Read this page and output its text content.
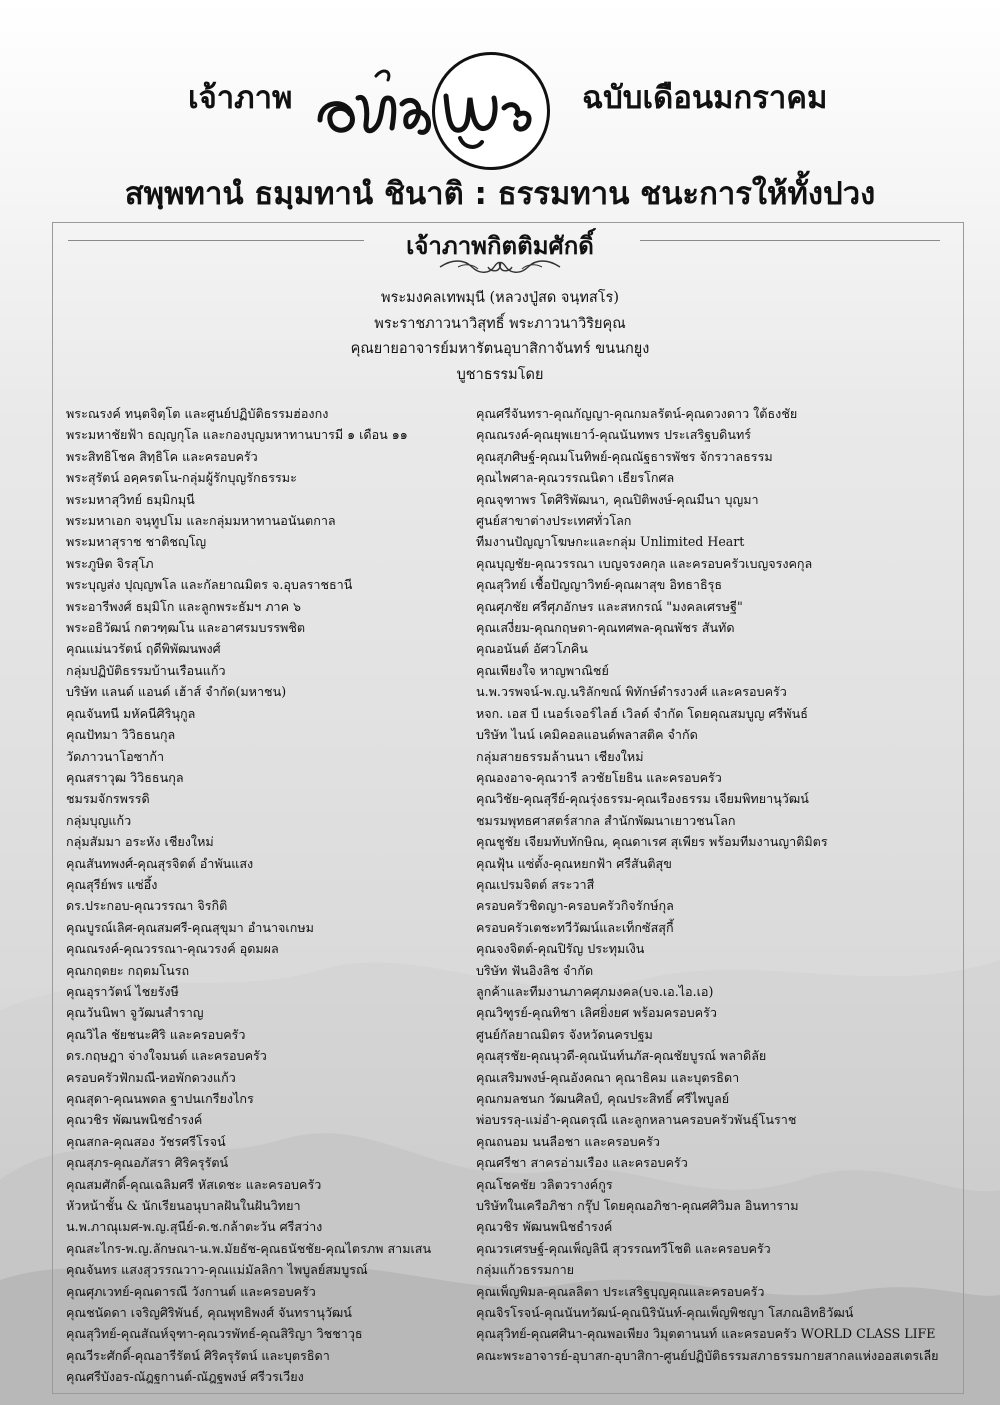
เจ้าภาพ	ฉบับเดือนมกราคม
สพฺพทานํ ธมฺมทานํ ชินาติ : ธรรมทาน ชนะการให้ทั้งปวง
เจ้าภาพกิตติมศักดิ์
พระมงคลเทพมุนี (หลวงปู่สด จนฺทสโร)
พระราชภาวนาวิสุทธิ์ พระภาวนาวิริยคุณ
คุณยายอาจารย์มหารัตนอุบาสิกาจันทร์ ขนนกยูง
บูชาธรรมโดย
พระณรงค์ ทนฺตจิตฺโต และศูนย์ปฏิบัติธรรมฮ่องกง
พระมหาชัยฟ้า ธญฺญกุโล และกองบุญมหาทานบารมี ๑ เดือน ๑๑
พระสิทธิโชค สิทฺธิโค และครอบครัว
พระสุรัตน์ อคฺครตโน-กลุ่มผู้รักบุญรักธรรมะ
พระมหาสุวิทย์ ธมฺมิกมุนี
พระมหาเอก จนฺทูปโม และกลุ่มมหาทานอนันตกาล
พระมหาสุราช ชาติชญฺโญ
พระภูษิต จิรสุโภ
พระบุญส่ง ปุญฺญพโล และกัลยาณมิตร จ.อุบลราชธานี
พระอารีพงศ์ ธมฺมิโก และลูกพระธัมฯ ภาค ๖
พระอธิวัฒน์ กตวฑฺฒโน และอาศรมบรรพชิต
คุณแม่นวรัตน์ ฤดีพิพัฒนพงศ์
กลุ่มปฏิบัติธรรมบ้านเรือนแก้ว
บริษัท แลนด์ แอนด์ เฮ้าส์ จำกัด(มหาชน)
คุณจันทนี มหัคนีศิรินุกูล
คุณปัทมา วิวิธธนกุล
วัดภาวนาโอซาก้า
คุณสราวุฒ วิวิธธนกุล
ชมรมจักรพรรดิ
กลุ่มบุญแก้ว
กลุ่มสัมมา อระหัง เชียงใหม่
คุณสันทพงศ์-คุณสุรจิตต์ อำพันแสง
คุณสุรีย์พร แซ่อึ้ง
ดร.ประกอบ-คุณวรรณา จิรกิติ
คุณบูรณ์เลิศ-คุณสมศรี-คุณสุขุมา อำนาจเกษม
คุณณรงค์-คุณวรรณา-คุณวรงค์ อุดมผล
คุณกฤตยะ กฤตมโนรถ
คุณอุราวัตน์ ไชยรังษี
คุณวันนิพา จูวัฒนสำราญ
คุณวิไล ชัยชนะศิริ และครอบครัว
ดร.กฤษฎา จ่างใจมนต์ และครอบครัว
ครอบครัวฟักมณี-หอพักดวงแก้ว
คุณสุดา-คุณนพดล ฐาปนเกรียงไกร
คุณวชิร พัฒนพนิชธำรงค์
คุณสกล-คุณสอง วัชรศรีโรจน์
คุณสุภร-คุณอภัสรา ศิริครุรัตน์
คุณสมศักดิ์-คุณเฉลิมศรี หัสเดชะ และครอบครัว
หัวหน้าชั้น & นักเรียนอนุบาลฝันในฝันวิทยา
น.พ.ภาณุเมศ-พ.ญ.สุนีย์-ด.ช.กล้าตะวัน ศรีสว่าง
คุณสะไกร-พ.ญ.ลักษณา-น.พ.มัยธัช-คุณธนัชชัย-คุณไตรภพ สามเสน
คุณจันทร แสงสุวรรณวาว-คุณแม่มัลลิกา ไพบูลย์สมบูรณ์
คุณศุภเวทย์-คุณดารณี วังกานต์ และครอบครัว
คุณชนัดดา เจริญศิริพันธ์, คุณพุทธิพงศ์ จันทรานุวัฒน์
คุณสุวิทย์-คุณสัณห์จุฑา-คุณวรพัทธ์-คุณสิริญา วิชชาวุธ
คุณวีระศักดิ์-คุณอารีรัตน์ ศิริครุรัตน์ และบุตรธิดา
คุณศรีบังอร-ณัฎฐกานต์-ณัฎฐพงษ์ ศรีวรเวียง
คุณศรีจันทรา-คุณกัญญา-คุณกมลรัตน์-คุณดวงดาว ใต้ธงชัย
คุณณรงค์-คุณยุพเยาว์-คุณนันทพร ประเสริฐบดินทร์
คุณสุภศิษฐ์-คุณมโนทิพย์-คุณณัฐธารพัชร จักรวาลธรรม
คุณไพศาล-คุณวรรณนิดา เธียรโกศล
คุณจุฑาพร โตศิริพัฒนา, คุณปิติพงษ์-คุณมีนา บุญมา
ศูนย์สาขาต่างประเทศทั่วโลก
ทีมงานปัญญาโฆษกะและกลุ่ม Unlimited Heart
คุณบุญชัย-คุณวรรณา เบญจรงคกุล และครอบครัวเบญจรงคกุล
คุณสุวิทย์ เชื้อปัญญาวิทย์-คุณผาสุข อิทธาธิรุธ
คุณศุภชัย ศรีศุภอักษร และสหกรณ์ "มงคลเศรษฐี"
คุณเสงี่ยม-คุณกฤษดา-คุณทศพล-คุณพัชร สันทัด
คุณอนันต์ อัศวโภคิน
คุณเพียงใจ หาญพาณิชย์
น.พ.วรพจน์-พ.ญ.นริลักขณ์ พิทักษ์ดำรงวงศ์ และครอบครัว
หจก. เอส บี เนอร์เจอร์ไลฮ์ เวิลด์ จำกัด โดยคุณสมบูญ ศรีพันธ์
บริษัท ไนน์ เคมิคอลแอนด์พลาสติค จำกัด
กลุ่มสายธรรมล้านนา เชียงใหม่
คุณองอาจ-คุณวารี ลวชัยโยธิน และครอบครัว
คุณวิชัย-คุณสุรีย์-คุณรุ่งธรรม-คุณเรืองธรรม เจียมพิทยานุวัฒน์
ชมรมพุทธศาสตร์สากล สำนักพัฒนาเยาวชนโลก
คุณชูชัย เจียมทับทักษิณ, คุณดาเรศ สุเพียร พร้อมทีมงานญาติมิตร
คุณฟุ้น แซ่ตั้ง-คุณหยกฟ้า ศรีสันติสุข
คุณเปรมจิตต์ สระวาสี
ครอบครัวชิดญา-ครอบครัวกิจรักษ์กุล
ครอบครัวเตชะทวีวัฒน์และเท็กซัสสุกี้
คุณจงจิตต์-คุณปิรัญ ประทุมเงิน
บริษัท ฟันอิงลิช จำกัด
ลูกค้าและทีมงานภาคศุภมงคล(บจ.เอ.ไอ.เอ)
คุณวิฑูรย์-คุณทิชา เลิศยิ่งยศ พร้อมครอบครัว
ศูนย์กัลยาณมิตร จังหวัดนครปฐม
คุณสุรชัย-คุณนุวดี-คุณนันท์นภัส-คุณชัยบูรณ์ พลาดิลัย
คุณเสริมพงษ์-คุณอังคณา คุณาธิคม และบุตรธิดา
คุณกมลชนก วัฒนศิลป์, คุณประสิทธิ์ ศรีไพบูลย์
พ่อบรรลุ-แม่อำ-คุณดรุณี และลูกหลานครอบครัวพันธุ์โนราช
คุณถนอม นนลือชา และครอบครัว
คุณศรีชา สาครอ่ามเรือง และครอบครัว
คุณโชคชัย วลิตวรางค์กูร
บริษัทในเครือภิชา กรุ๊ป โดยคุณอภิชา-คุณศศิวิมล อินทาราม
คุณวชิร พัฒนพนิชธำรงค์
คุณวรเศรษฐ์-คุณเพ็ญลินี สุวรรณทวีโชติ และครอบครัว
กลุ่มแก้วธรรมกาย
คุณเพ็ญพิมล-คุณลลิตา ประเสริฐบุญคุณและครอบครัว
คุณจิรโรจน์-คุณนันทวัฒน์-คุณนิรินันท์-คุณเพ็ญพิชญา โสภณอิทธิวัฒน์
คุณสุวิทย์-คุณศศินา-คุณพอเพียง วิมุตตานนท์ และครอบครัว WORLD CLASS LIFE
คณะพระอาจารย์-อุบาสก-อุบาสิกา-ศูนย์ปฏิบัติธรรมสภาธรรมกายสากลแห่งออสเตรเลีย
